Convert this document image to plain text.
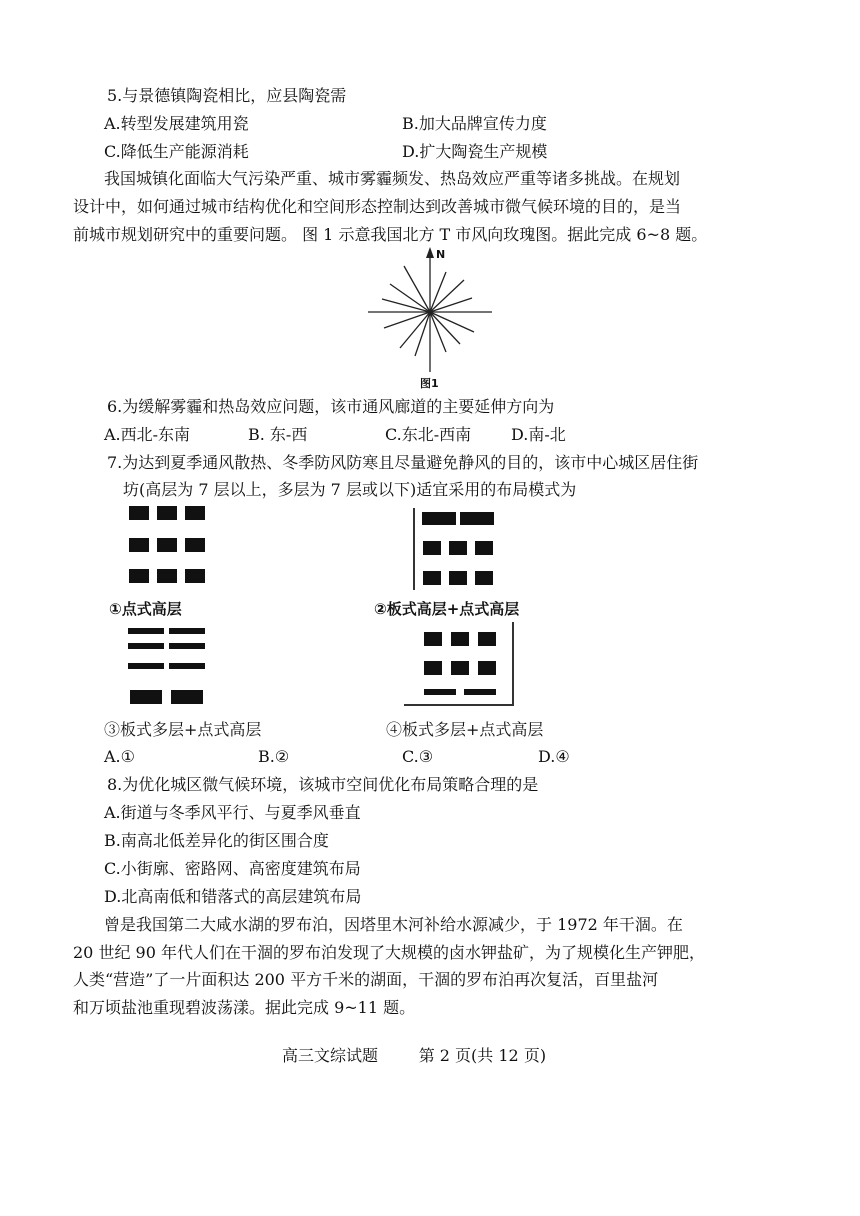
5.与景德镇陶瓷相比，应县陶瓷需
A.转型发展建筑用瓷	B.加大品牌宣传力度
C.降低生产能源消耗	D.扩大陶瓷生产规模
我国城镇化面临大气污染严重、城市雾霾频发、热岛效应严重等诸多挑战。在规划
设计中，如何通过城市结构优化和空间形态控制达到改善城市微气候环境的目的，是当
前城市规划研究中的重要问题。 图 1 示意我国北方 T 市风向玫瑰图。据此完成 6~8 题。
N
图1
6.为缓解雾霾和热岛效应问题，该市通风廊道的主要延伸方向为
A.西北-东南	B. 东-西	C.东北-西南 D.南-北
7.为达到夏季通风散热、冬季防风防寒且尽量避免静风的目的，该市中心城区居住街
坊(高层为 7 层以上，多层为 7 层或以下)适宜采用的布局模式为
①点式高层	②板式高层+点式高层
③板式多层+点式高层	④板式多层+点式高层
A.①	B.②	C.③	D.④
8.为优化城区微气候环境，该城市空间优化布局策略合理的是
A.街道与冬季风平行、与夏季风垂直
B.南高北低差异化的街区围合度
C.小街廓、密路网、高密度建筑布局
D.北高南低和错落式的高层建筑布局
曾是我国第二大咸水湖的罗布泊，因塔里木河补给水源减少，于 1972 年干涸。在
20 世纪 90 年代人们在干涸的罗布泊发现了大规模的卤水钾盐矿，为了规模化生产钾肥，
人类“营造”了一片面积达 200 平方千米的湖面，干涸的罗布泊再次复活，百里盐河
和万顷盐池重现碧波荡漾。据此完成 9~11 题。
高三文综试题        第 2 页(共 12 页)
